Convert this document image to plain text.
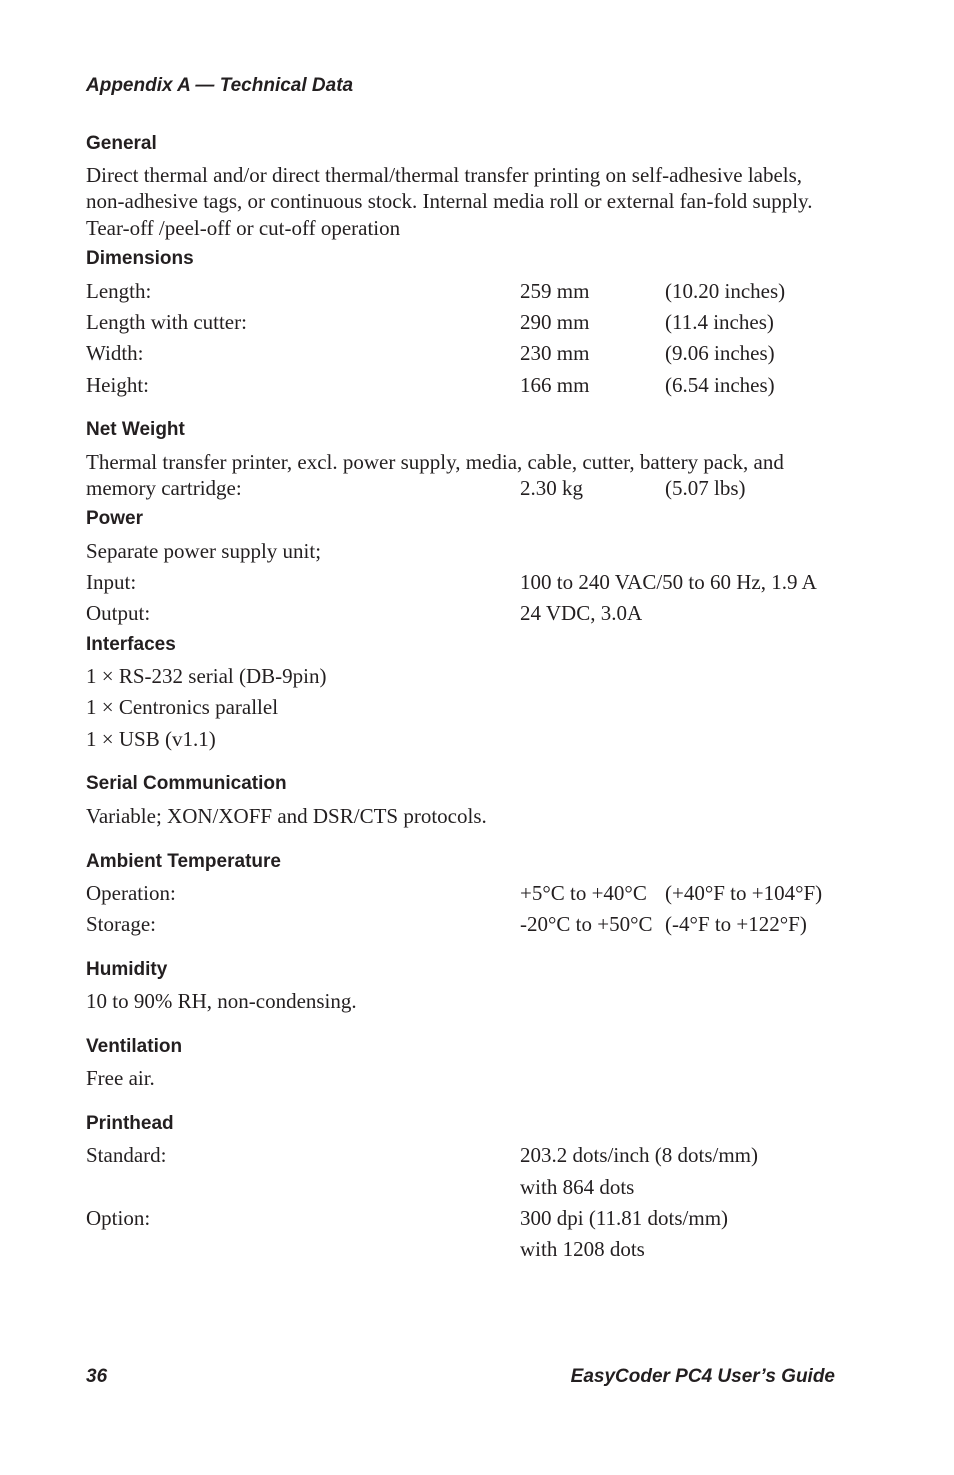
Appendix A — Technical Data
General
Direct thermal and/or direct thermal/thermal transfer printing on self-adhesive labels,
non-adhesive tags, or continuous stock. Internal media roll or external fan-fold supply.
Tear-off /peel-off or cut-off operation
Dimensions
Length:	259 mm	(10.20 inches)
Length with cutter:	290 mm	(11.4 inches)
Width:	230 mm	(9.06 inches)
Height:	166 mm	(6.54 inches)
Net Weight
Thermal transfer printer, excl. power supply, media, cable, cutter, battery pack, and
memory cartridge:	2.30 kg	(5.07 lbs)
Power
Separate power supply unit;
Input:	100 to 240 VAC/50 to 60 Hz, 1.9 A
Output:	24 VDC, 3.0A
Interfaces
1 × RS-232 serial (DB-9pin)
1 × Centronics parallel
1 × USB (v1.1)
Serial Communication
Variable; XON/XOFF and DSR/CTS protocols.
Ambient Temperature
Operation:	+5°C to +40°C (+40°F to +104°F)
Storage:	-20°C to +50°C (-4°F to +122°F)
Humidity
10 to 90% RH, non-condensing.
Ventilation
Free air.
Printhead
Standard:	203.2 dots/inch (8 dots/mm)
with 864 dots
Option:	300 dpi (11.81 dots/mm)
with 1208 dots
36	EasyCoder PC4 User’s Guide
